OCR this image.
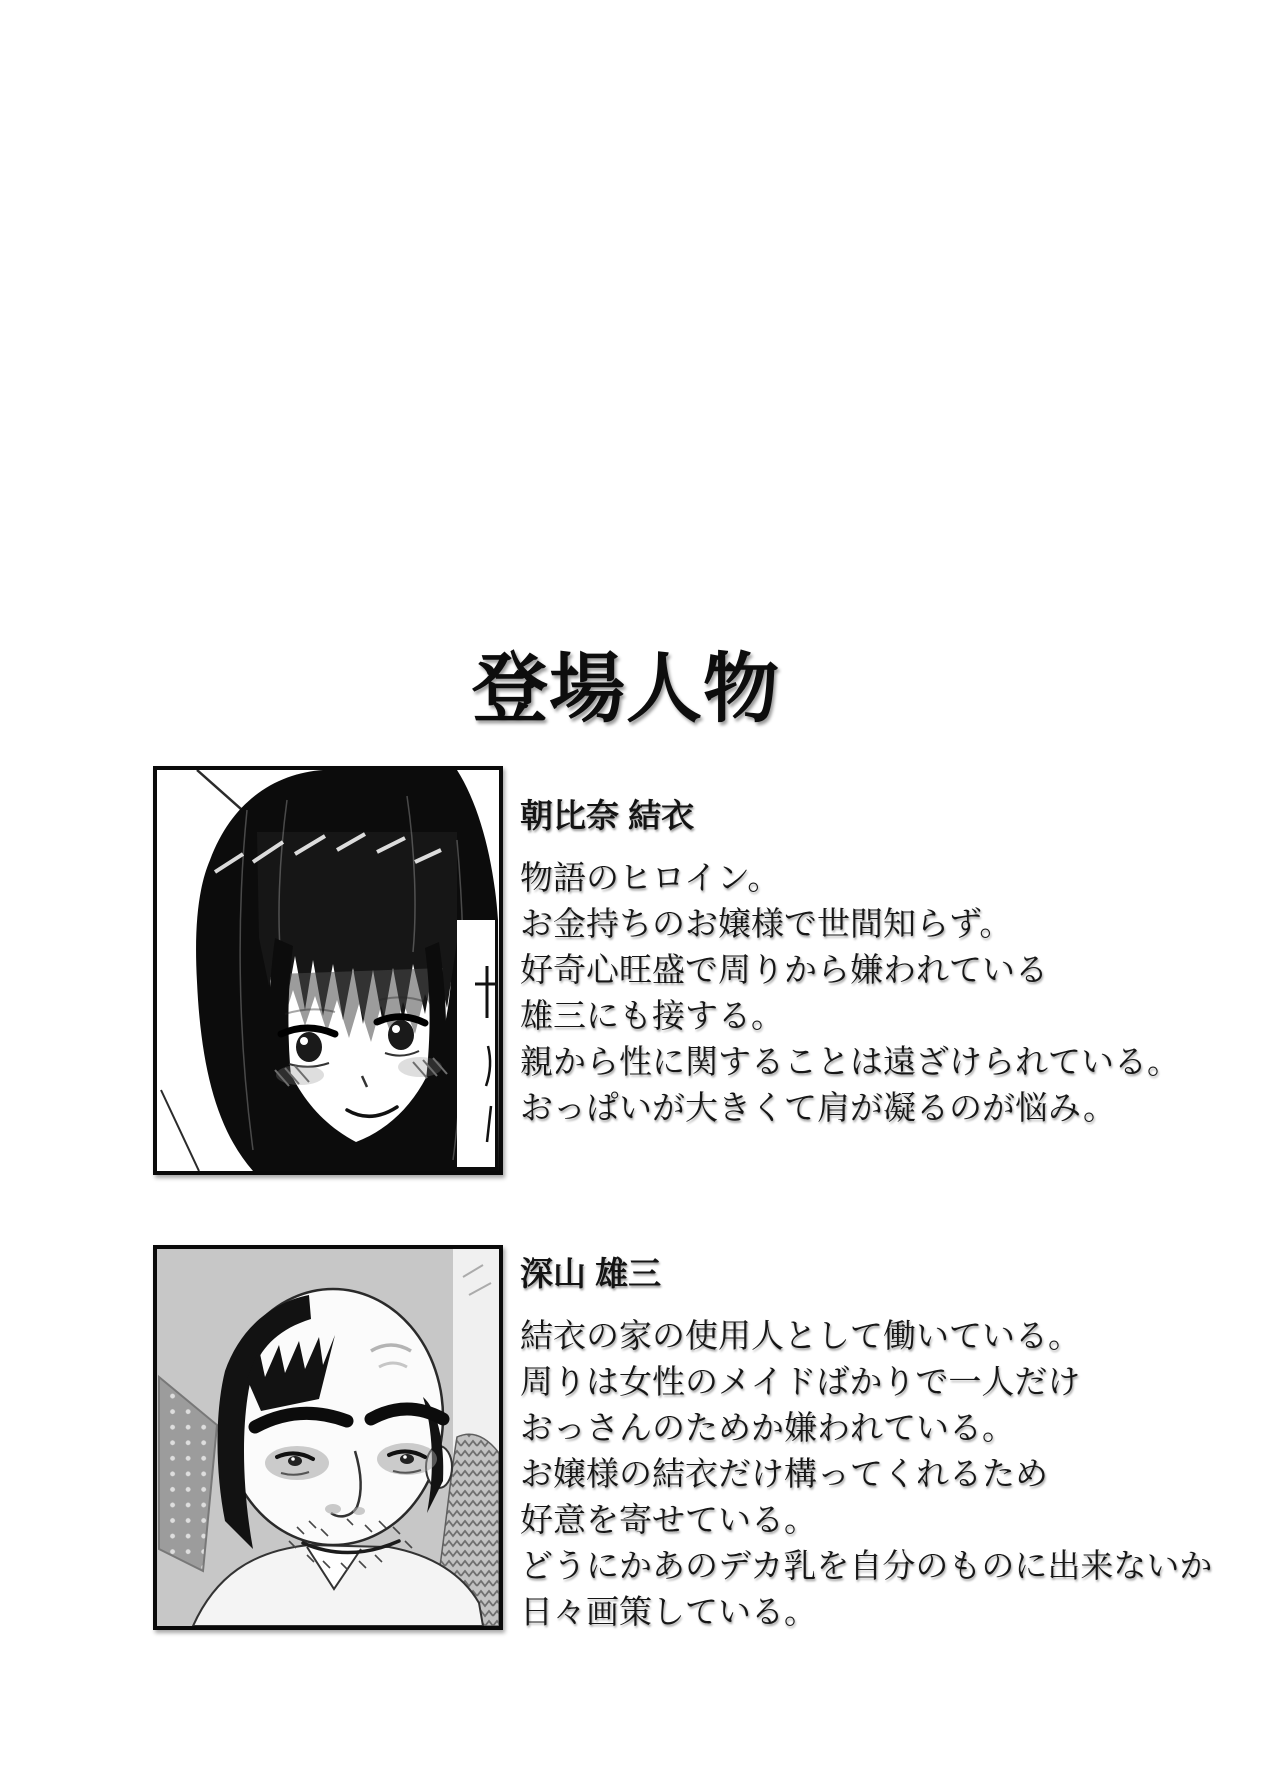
登場人物

朝比奈 結衣

物語のヒロイン。
お金持ちのお嬢様で世間知らず。
好奇心旺盛で周りから嫌われている
雄三にも接する。
親から性に関することは遠ざけられている。
おっぱいが大きくて肩が凝るのが悩み。

深山 雄三

結衣の家の使用人として働いている。
周りは女性のメイドばかりで一人だけ
おっさんのためか嫌われている。
お嬢様の結衣だけ構ってくれるため
好意を寄せている。
どうにかあのデカ乳を自分のものに出来ないか
日々画策している。
